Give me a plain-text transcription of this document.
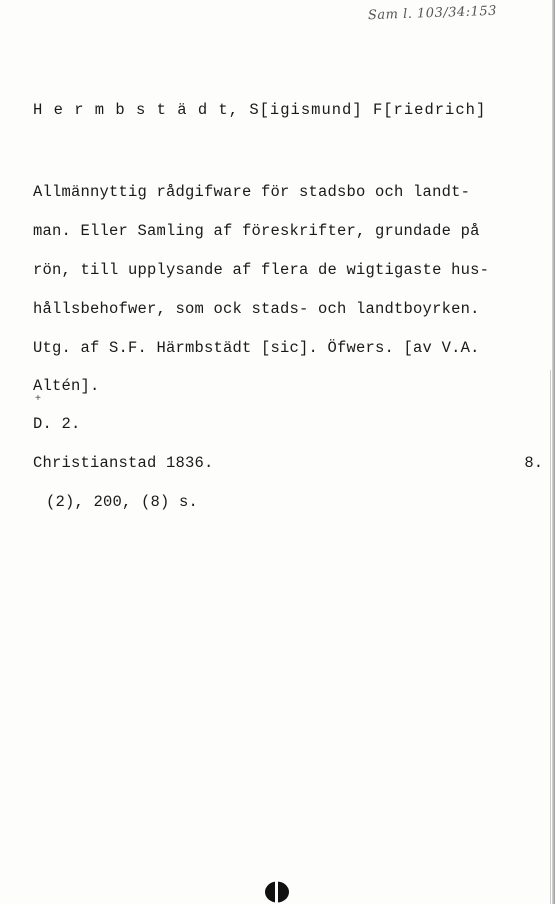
Sam l. 103/34:153
H e r m b s t ä d t, S[igismund] F[riedrich]
Allmännyttig rådgifware för stadsbo och landt-
man. Eller Samling af föreskrifter, grundade på
rön, till upplysande af flera de wigtigaste hus-
hållsbehofwer, som ock stads- och landtboyrken.
Utg. af S.F. Härmbstädt [sic]. Öfwers. [av V.A.
Altén].
+
D. 2.
Christianstad 1836.	8.
(2), 200, (8) s.
